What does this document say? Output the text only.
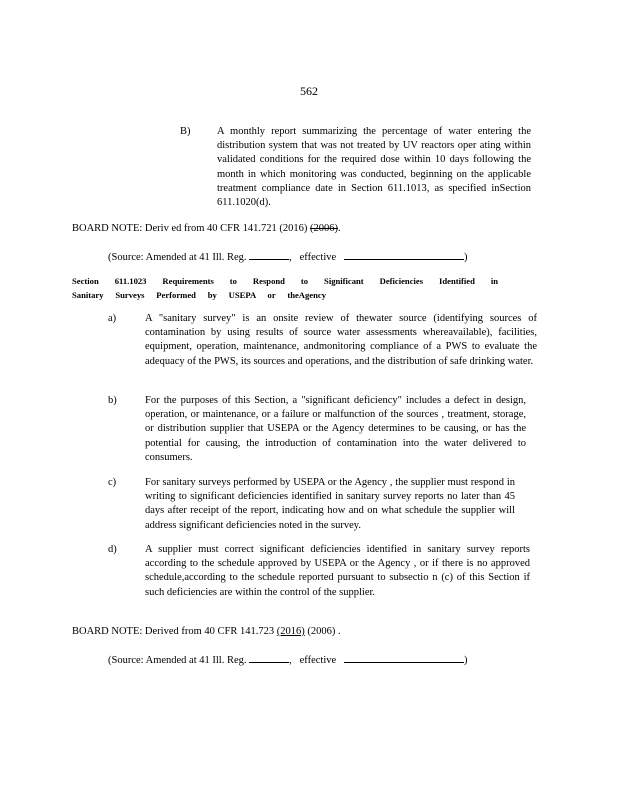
562
B)	A monthly report summarizing the percentage of water entering the distribution system that was not treated by UV reactors oper ating within validated conditions for the required dose within 10 days following the month in which monitoring was conducted, beginning on the applicable treatment compliance date in Section 611.1013, as specified inSection 611.1020(d).
BOARD NOTE: Deriv ed from 40 CFR 141.721 (2016) (2006).
(Source: Amended at 41 Ill. Reg.	, effective	)
Section 611.1023 Requirements to Respond to Significant Deficiencies Identified in
Sanitary Surveys Performed by USEPA or theAgency
a)	A "sanitary survey" is an onsite review of thewater source (identifying sources of contamination by using results of source water assessments whereavailable), facilities, equipment, operation, maintenance, andmonitoring compliance of a PWS to evaluate the adequacy of the PWS, its sources and operations, and the distribution of safe drinking water.
b)	For the purposes of this Section, a "significant deficiency" includes a defect in design, operation, or maintenance, or a failure or malfunction of the sources , treatment, storage, or distribution supplier that USEPA or the Agency determines to be causing, or has the potential for causing, the introduction of contamination into the water delivered to consumers.
c)	For sanitary surveys performed by USEPA or the Agency , the supplier must respond in writing to significant deficiencies identified in sanitary survey reports no later than 45 days after receipt of the report, indicating how and on what schedule the supplier will address significant deficiencies noted in the survey.
d)	A supplier must correct significant deficiencies identified in sanitary survey reports according to the schedule approved by USEPA or the Agency , or if there is no approved schedule,according to the schedule reported pursuant to subsectio n (c) of this Section if such deficiencies are within the control of the supplier.
BOARD NOTE: Derived from 40 CFR 141.723 (2016) (2006) .
(Source: Amended at 41 Ill. Reg.	, effective	)
